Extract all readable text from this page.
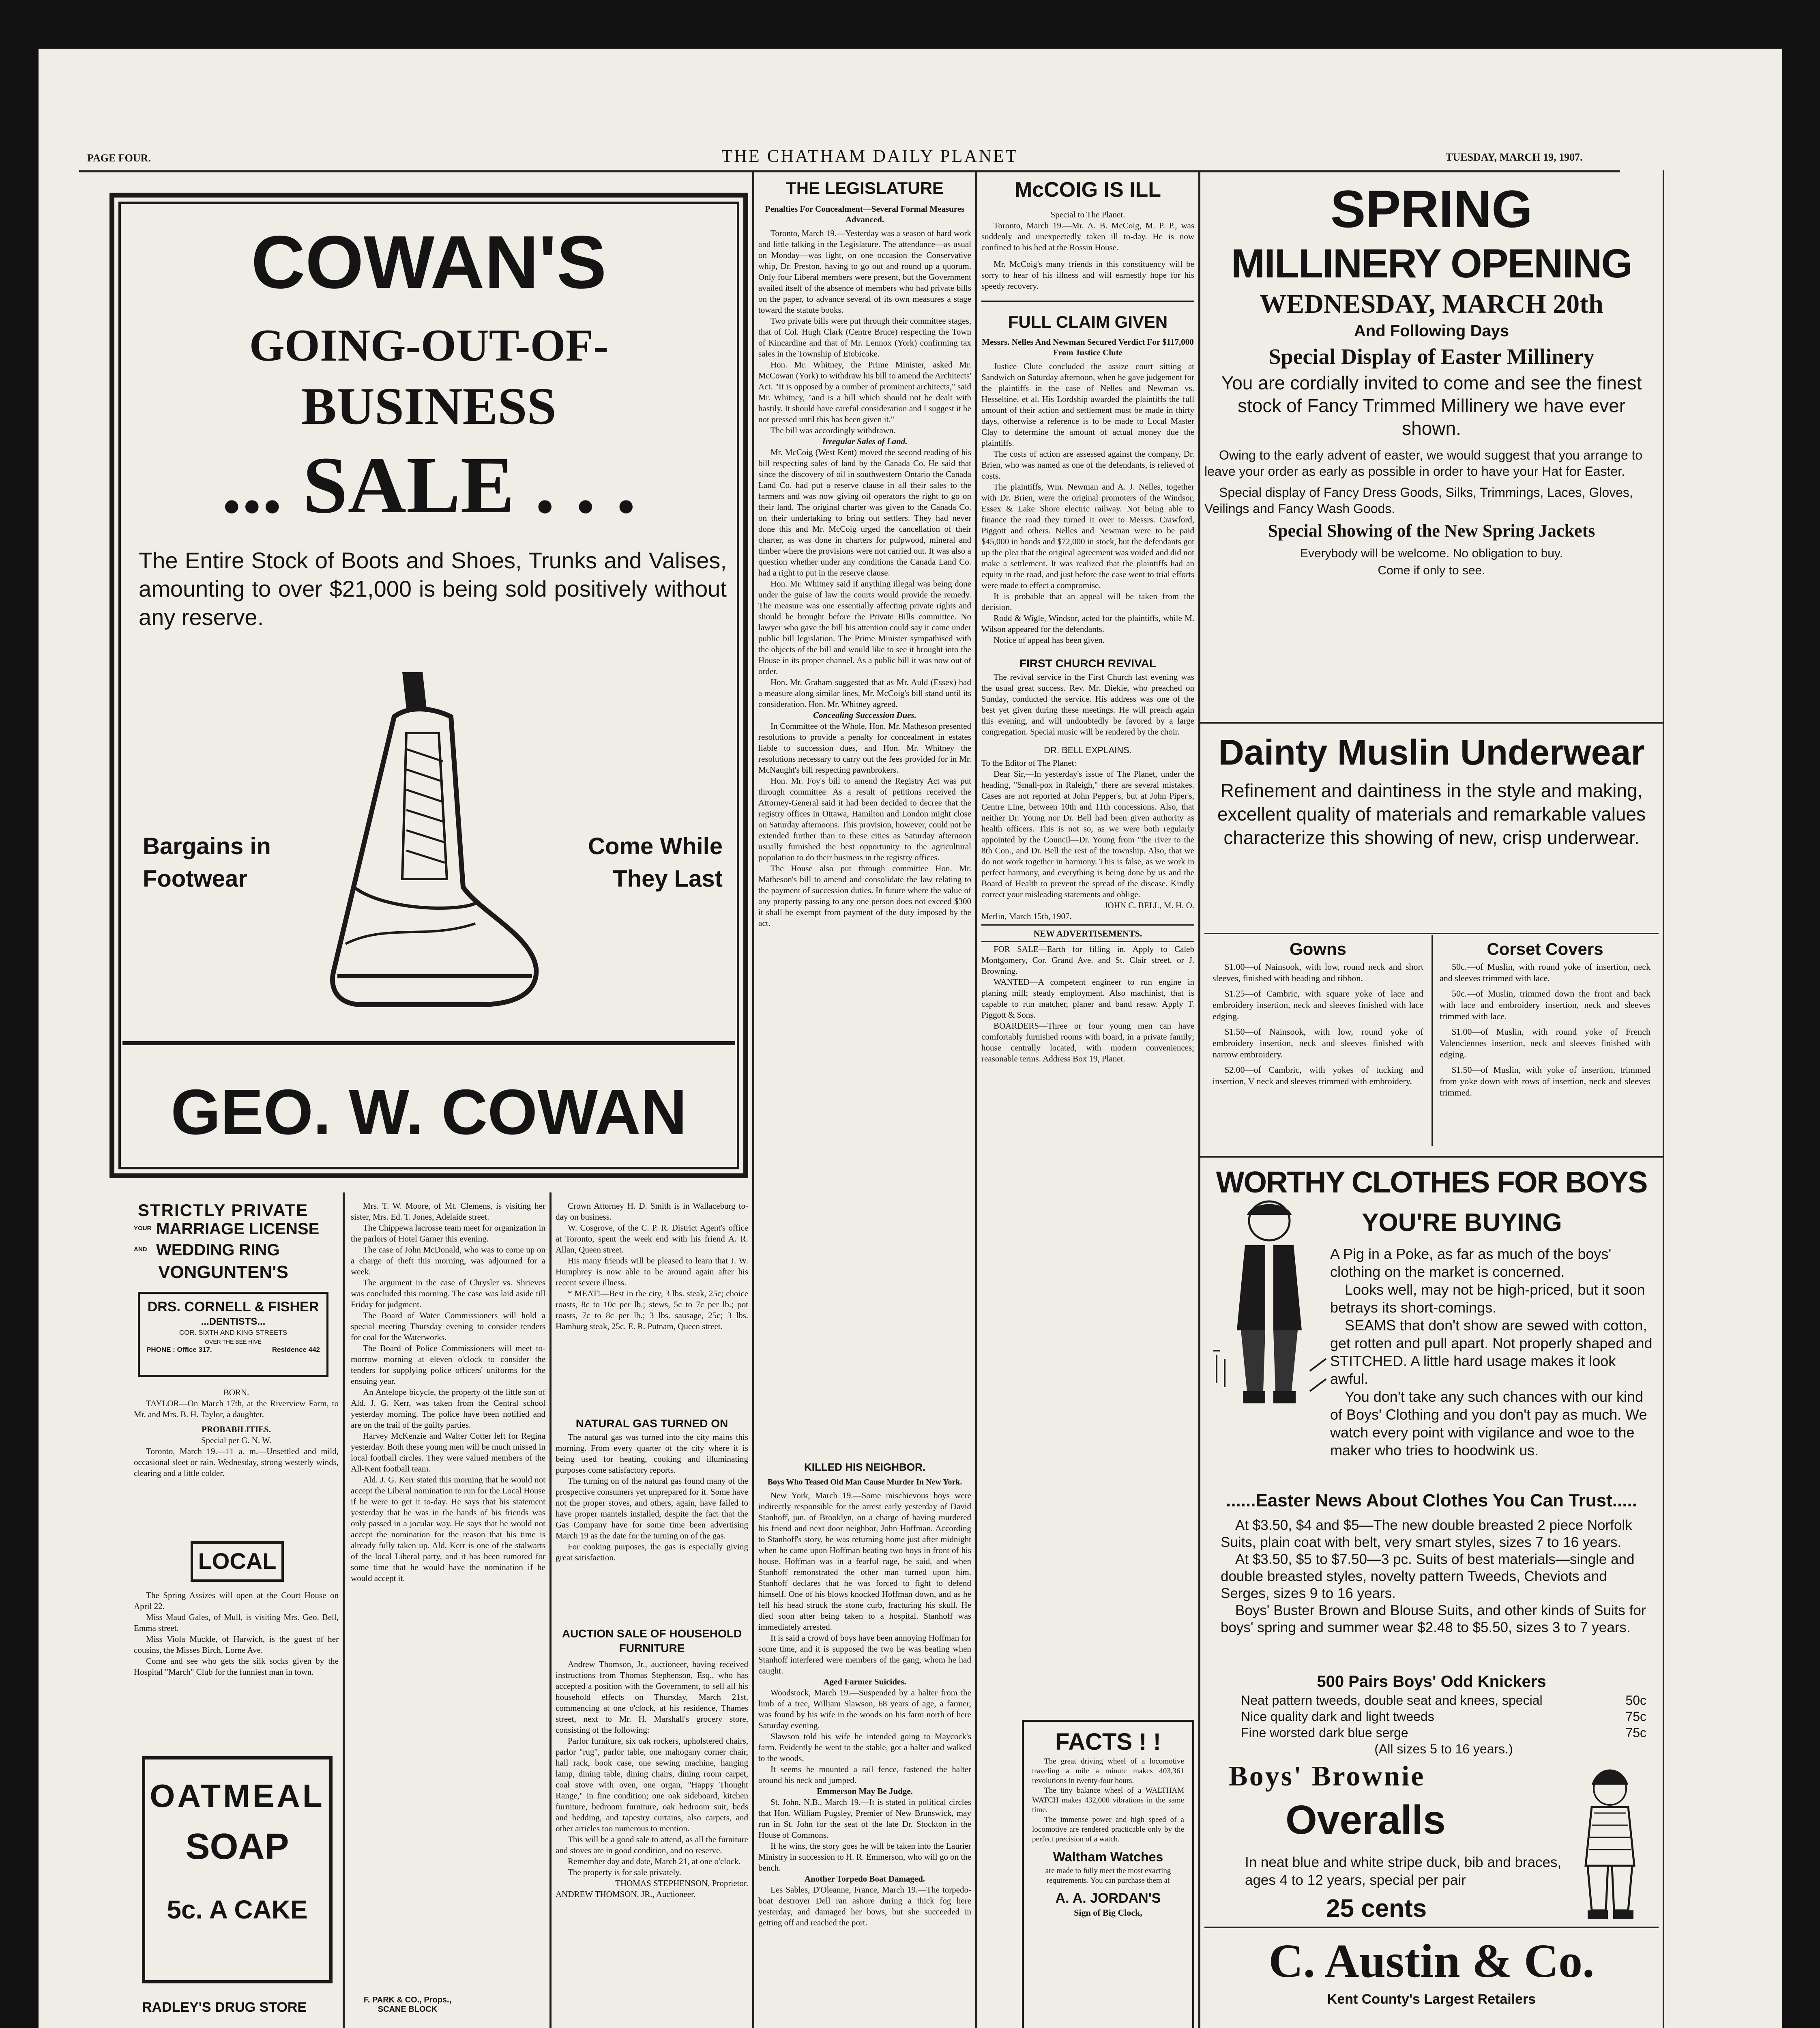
PAGE FOUR.	THE CHATHAM DAILY PLANET	TUESDAY, MARCH 19, 1907.
COWAN'S
GOING-OUT-OF-
BUSINESS
... SALE . . .
The Entire Stock of Boots and Shoes, Trunks and Valises, amounting to over $21,000 is being sold positively without any reserve.
Bargains in
Footwear
Come While
They Last
GEO. W. COWAN
THE LEGISLATURE
Penalties For Concealment—Several Formal Measures Advanced.

Toronto, March 19.—Yesterday was a season of hard work and little talking in the Legislature. The attendance—as usual on Monday—was light, on one occasion the Conservative whip, Dr. Preston, having to go out and round up a quorum. Only four Liberal members were present, but the Government availed itself of the absence of members who had private bills on the paper, to advance several of its own measures a stage toward the statute books.

Two private bills were put through their committee stages, that of Col. Hugh Clark (Centre Bruce) respecting the Town of Kincardine and that of Mr. Lennox (York) confirming tax sales in the Township of Etobicoke.

Hon. Mr. Whitney, the Prime Minister, asked Mr. McCowan (York) to withdraw his bill to amend the Architects' Act. "It is opposed by a number of prominent architects," said Mr. Whitney, "and is a bill which should not be dealt with hastily. It should have careful consideration and I suggest it be not pressed until this has been given it."

The bill was accordingly withdrawn.

Irregular Sales of Land.

Mr. McCoig (West Kent) moved the second reading of his bill respecting sales of land by the Canada Co. He said that since the discovery of oil in southwestern Ontario the Canada Land Co. had put a reserve clause in all their sales to the farmers and was now giving oil operators the right to go on their land. The original charter was given to the Canada Co. on their undertaking to bring out settlers. They had never done this and Mr. McCoig urged the cancellation of their charter, as was done in charters for pulpwood, mineral and timber where the provisions were not carried out. It was also a question whether under any conditions the Canada Land Co. had a right to put in the reserve clause.

Hon. Mr. Whitney said if anything illegal was being done under the guise of law the courts would provide the remedy. The measure was one essentially affecting private rights and should be brought before the Private Bills committee. No lawyer who gave the bill his attention could say it came under public bill legislation. The Prime Minister sympathised with the objects of the bill and would like to see it brought into the House in its proper channel. As a public bill it was now out of order.

Hon. Mr. Graham suggested that as Mr. Auld (Essex) had a measure along similar lines, Mr. McCoig's bill stand until its consideration. Hon. Mr. Whitney agreed.

Concealing Succession Dues.

In Committee of the Whole, Hon. Mr. Matheson presented resolutions to provide a penalty for concealment in estates liable to succession dues, and Hon. Mr. Whitney the resolutions necessary to carry out the fees provided for in Mr. McNaught's bill respecting pawnbrokers.

Hon. Mr. Foy's bill to amend the Registry Act was put through committee. As a result of petitions received the Attorney-General said it had been decided to decree that the registry offices in Ottawa, Hamilton and London might close on Saturday afternoons. This provision, however, could not be extended further than to these cities as Saturday afternoon usually furnished the best opportunity to the agricultural population to do their business in the registry offices.

The House also put through committee Hon. Mr. Matheson's bill to amend and consolidate the law relating to the payment of succession duties. In future where the value of any property passing to any one person does not exceed $300 it shall be exempt from payment of the duty imposed by the act.

KILLED HIS NEIGHBOR.
Boys Who Teased Old Man Cause Murder In New York.

New York, March 19.—Some mischievous boys were indirectly responsible for the arrest early yesterday of David Stanhoff, jun. of Brooklyn, on a charge of having murdered his friend and next door neighbor, John Hoffman. According to Stanhoff's story, he was returning home just after midnight when he came upon Hoffman beating two boys in front of his house. Hoffman was in a fearful rage, he said, and when Stanhoff remonstrated the other man turned upon him. Stanhoff declares that he was forced to fight to defend himself. One of his blows knocked Hoffman down, and as he fell his head struck the stone curb, fracturing his skull. He died soon after being taken to a hospital. Stanhoff was immediately arrested.

It is said a crowd of boys have been annoying Hoffman for some time, and it is supposed the two he was beating when Stanhoff interfered were members of the gang, whom he had caught.

Aged Farmer Suicides.

Woodstock, March 19.—Suspended by a halter from the limb of a tree, William Slawson, 68 years of age, a farmer, was found by his wife in the woods on his farm north of here Saturday evening.

Slawson told his wife he intended going to Maycock's farm. Evidently he went to the stable, got a halter and walked to the woods.

It seems he mounted a rail fence, fastened the halter around his neck and jumped.

Emmerson May Be Judge.

St. John, N.B., March 19.—It is stated in political circles that Hon. William Pugsley, Premier of New Brunswick, may run in St. John for the seat of the late Dr. Stockton in the House of Commons.

If he wins, the story goes he will be taken into the Laurier Ministry in succession to H. R. Emmerson, who will go on the bench.

Another Torpedo Boat Damaged.

Les Sables, D'Oleanne, France, March 19.—The torpedo-boat destroyer Dell ran ashore during a thick fog here yesterday, and damaged her bows, but she succeeded in getting off and reached the port.

McCOIG IS ILL
Special to The Planet.

Toronto, March 19.—Mr. A. B. McCoig, M. P. P., was suddenly and unexpectedly taken ill to-day. He is now confined to his bed at the Rossin House.

Mr. McCoig's many friends in this constituency will be sorry to hear of his illness and will earnestly hope for his speedy recovery.

FULL CLAIM GIVEN
Messrs. Nelles And Newman Secured Verdict For $117,000 From Justice Clute

Justice Clute concluded the assize court sitting at Sandwich on Saturday afternoon, when he gave judgement for the plaintiffs in the case of Nelles and Newman vs. Hesseltine, et al. His Lordship awarded the plaintiffs the full amount of their action and settlement must be made in thirty days, otherwise a reference is to be made to Local Master Clay to determine the amount of actual money due the plaintiffs.

The costs of action are assessed against the company, Dr. Brien, who was named as one of the defendants, is relieved of costs.

The plaintiffs, Wm. Newman and A. J. Nelles, together with Dr. Brien, were the original promoters of the Windsor, Essex & Lake Shore electric railway. Not being able to finance the road they turned it over to Messrs. Crawford, Piggott and others. Nelles and Newman were to be paid $45,000 in bonds and $72,000 in stock, but the defendants got up the plea that the original agreement was voided and did not make a settlement. It was realized that the plaintiffs had an equity in the road, and just before the case went to trial efforts were made to effect a compromise.

It is probable that an appeal will be taken from the decision.

Rodd & Wigle, Windsor, acted for the plaintiffs, while M. Wilson appeared for the defendants.

Notice of appeal has been given.

FIRST CHURCH REVIVAL

The revival service in the First Church last evening was the usual great success. Rev. Mr. Diekie, who preached on Sunday, conducted the service. His address was one of the best yet given during these meetings. He will preach again this evening, and will undoubtedly be favored by a large congregation. Special music will be rendered by the choir.

DR. BELL EXPLAINS.
To the Editor of The Planet:

Dear Sir,—In yesterday's issue of The Planet, under the heading, "Small-pox in Raleigh," there are several mistakes. Cases are not reported at John Pepper's, but at John Piper's, Centre Line, between 10th and 11th concessions. Also, that neither Dr. Young nor Dr. Bell had been given authority as health officers. This is not so, as we were both regularly appointed by the Council—Dr. Young from "the river to the 8th Con., and Dr. Bell the rest of the township. Also, that we do not work together in harmony. This is false, as we work in perfect harmony, and everything is being done by us and the Board of Health to prevent the spread of the disease. Kindly correct your misleading statements and oblige.

JOHN C. BELL, M. H. O.
Merlin, March 15th, 1907.
NEW ADVERTISEMENTS.

FOR SALE—Earth for filling in. Apply to Caleb Montgomery, Cor. Grand Ave. and St. Clair street, or J. Browning.

WANTED—A competent engineer to run engine in planing mill; steady employment. Also machinist, that is capable to run matcher, planer and band resaw. Apply T. Piggott & Sons.

BOARDERS—Three or four young men can have comfortably furnished rooms with board, in a private family; house centrally located, with modern conveniences; reasonable terms. Address Box 19, Planet.

FACTS ! !

The great driving wheel of a locomotive traveling a mile a minute makes 403,361 revolutions in twenty-four hours.

The tiny balance wheel of a WALTHAM WATCH makes 432,000 vibrations in the same time.

The immense power and high speed of a locomotive are rendered practicable only by the perfect precision of a watch.

Waltham Watches
are made to fully meet the most exacting requirements. You can purchase them at
A. A. JORDAN'S
Sign of Big Clock,
STRICTLY PRIVATE
YOUR MARRIAGE LICENSE
AND WEDDING RING
VONGUNTEN'S
DRS. CORNELL & FISHER
...DENTISTS...
COR. SIXTH AND KING STREETS
OVER THE BEE HIVE
PHONE : Office 317.	Residence 442
BORN.

TAYLOR—On March 17th, at the Riverview Farm, to Mr. and Mrs. B. H. Taylor, a daughter.

PROBABILITIES.
Special per G. N. W.

Toronto, March 19.—11 a. m.—Unsettled and mild, occasional sleet or rain. Wednesday, strong westerly winds, clearing and a little colder.

LOCAL

The Spring Assizes will open at the Court House on April 22.

Miss Maud Gales, of Mull, is visiting Mrs. Geo. Bell, Emma street.

Miss Viola Muckle, of Harwich, is the guest of her cousins, the Misses Birch, Lorne Ave.

Come and see who gets the silk socks given by the Hospital "March" Club for the funniest man in town.

OATMEAL
SOAP
5c. A CAKE
RADLEY'S DRUG STORE	F. PARK & CO., Props.,
SCANE BLOCK

Mrs. T. W. Moore, of Mt. Clemens, is visiting her sister, Mrs. Ed. T. Jones, Adelaide street.

The Chippewa lacrosse team meet for organization in the parlors of Hotel Garner this evening.

The case of John McDonald, who was to come up on a charge of theft this morning, was adjourned for a week.

The argument in the case of Chrysler vs. Shrieves was concluded this morning. The case was laid aside till Friday for judgment.

The Board of Water Commissioners will hold a special meeting Thursday evening to consider tenders for coal for the Waterworks.

The Board of Police Commissioners will meet to-morrow morning at eleven o'clock to consider the tenders for supplying police officers' uniforms for the ensuing year.

An Antelope bicycle, the property of the little son of Ald. J. G. Kerr, was taken from the Central school yesterday morning. The police have been notified and are on the trail of the guilty parties.

Harvey McKenzie and Walter Cotter left for Regina yesterday. Both these young men will be much missed in local football circles. They were valued members of the All-Kent football team.

Ald. J. G. Kerr stated this morning that he would not accept the Liberal nomination to run for the Local House if he were to get it to-day. He says that his statement yesterday that he was in the hands of his friends was only passed in a jocular way. He says that he would not accept the nomination for the reason that his time is already fully taken up. Ald. Kerr is one of the stalwarts of the local Liberal party, and it has been rumored for some time that he would have the nomination if he would accept it.

Crown Attorney H. D. Smith is in Wallaceburg to-day on business.

W. Cosgrove, of the C. P. R. District Agent's office at Toronto, spent the week end with his friend A. R. Allan, Queen street.

His many friends will be pleased to learn that J. W. Humphrey is now able to be around again after his recent severe illness.

* MEAT!—Best in the city, 3 lbs. steak, 25c; choice roasts, 8c to 10c per lb.; stews, 5c to 7c per lb.; pot roasts, 7c to 8c per lb.; 3 lbs. sausage, 25c; 3 lbs. Hamburg steak, 25c. E. R. Putnam, Queen street.

NATURAL GAS TURNED ON

The natural gas was turned into the city mains this morning. From every quarter of the city where it is being used for heating, cooking and illuminating purposes come satisfactory reports.

The turning on of the natural gas found many of the prospective consumers yet unprepared for it. Some have not the proper stoves, and others, again, have failed to have proper mantels installed, despite the fact that the Gas Company have for some time been advertising March 19 as the date for the turning on of the gas.

For cooking purposes, the gas is especially giving great satisfaction.

AUCTION SALE OF HOUSEHOLD FURNITURE

Andrew Thomson, Jr., auctioneer, having received instructions from Thomas Stephenson, Esq., who has accepted a position with the Government, to sell all his household effects on Thursday, March 21st, commencing at one o'clock, at his residence, Thames street, next to Mr. H. Marshall's grocery store, consisting of the following:

Parlor furniture, six oak rockers, upholstered chairs, parlor "rug", parlor table, one mahogany corner chair, hall rack, book case, one sewing machine, hanging lamp, dining table, dining chairs, dining room carpet, coal stove with oven, one organ, "Happy Thought Range," in fine condition; one oak sideboard, kitchen furniture, bedroom furniture, oak bedroom suit, beds and bedding, and tapestry curtains, also carpets, and other articles too numerous to mention.

This will be a good sale to attend, as all the furniture and stoves are in good condition, and no reserve.

Remember day and date, March 21, at one o'clock.

The property is for sale privately.

THOMAS STEPHENSON, Proprietor.
ANDREW THOMSON, JR., Auctioneer.
SPRING
MILLINERY OPENING
WEDNESDAY, MARCH 20th
And Following Days
Special Display of Easter Millinery
You are cordially invited to come and see the finest stock of Fancy Trimmed Millinery we have ever shown.
Owing to the early advent of easter, we would suggest that you arrange to leave your order as early as possible in order to have your Hat for Easter.
Special display of Fancy Dress Goods, Silks, Trimmings, Laces, Gloves, Veilings and Fancy Wash Goods.
Special Showing of the New Spring Jackets
Everybody will be welcome. No obligation to buy.
Come if only to see.
Dainty Muslin Underwear
Refinement and daintiness in the style and making, excellent quality of materials and remarkable values characterize this showing of new, crisp underwear.
Gowns

$1.00—of Nainsook, with low, round neck and short sleeves, finished with beading and ribbon.

$1.25—of Cambric, with square yoke of lace and embroidery insertion, neck and sleeves finished with lace edging.

$1.50—of Nainsook, with low, round yoke of embroidery insertion, neck and sleeves finished with narrow embroidery.

$2.00—of Cambric, with yokes of tucking and insertion, V neck and sleeves trimmed with embroidery.

Corset Covers

50c.—of Muslin, with round yoke of insertion, neck and sleeves trimmed with lace.

50c.—of Muslin, trimmed down the front and back with lace and embroidery insertion, neck and sleeves trimmed with lace.

$1.00—of Muslin, with round yoke of French Valenciennes insertion, neck and sleeves finished with edging.

$1.50—of Muslin, with yoke of insertion, trimmed from yoke down with rows of insertion, neck and sleeves trimmed.

WORTHY CLOTHES FOR BOYS
YOU'RE BUYING
A Pig in a Poke, as far as much of the boys' clothing on the market is concerned.
Looks well, may not be high-priced, but it soon betrays its short-comings.
SEAMS that don't show are sewed with cotton, get rotten and pull apart. Not properly shaped and STITCHED. A little hard usage makes it look awful.
You don't take any such chances with our kind of Boys' Clothing and you don't pay as much. We watch every point with vigilance and woe to the maker who tries to hoodwink us.
......Easter News About Clothes You Can Trust.....
At $3.50, $4 and $5—The new double breasted 2 piece Norfolk Suits, plain coat with belt, very smart styles, sizes 7 to 16 years.
At $3.50, $5 to $7.50—3 pc. Suits of best materials—single and double breasted styles, novelty pattern Tweeds, Cheviots and Serges, sizes 9 to 16 years.
Boys' Buster Brown and Blouse Suits, and other kinds of Suits for boys' spring and summer wear $2.48 to $5.50, sizes 3 to 7 years.
500 Pairs Boys' Odd Knickers
Neat pattern tweeds, double seat and knees, special	50c
Nice quality dark and light tweeds	75c
Fine worsted dark blue serge	75c
(All sizes 5 to 16 years.)
Boys' Brownie
Overalls
In neat blue and white stripe duck, bib and braces, ages 4 to 12 years, special per pair
25 cents
C. Austin & Co.
Kent County's Largest Retailers
